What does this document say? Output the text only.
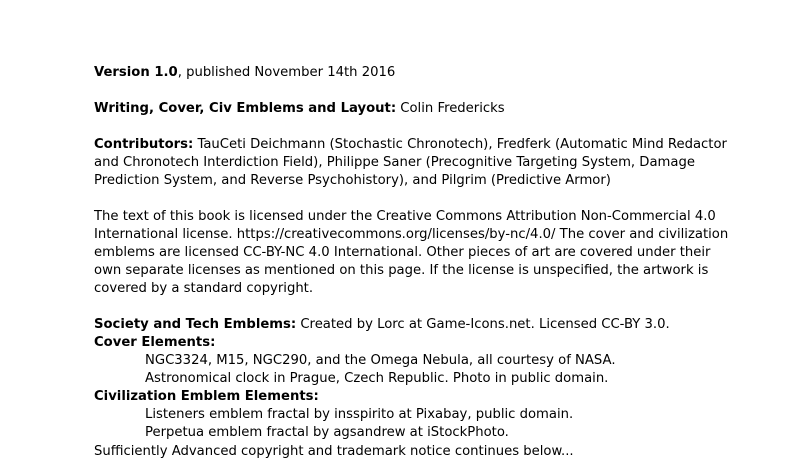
Version 1.0, published November 14th 2016

Writing, Cover, Civ Emblems and Layout: Colin Fredericks

Contributors: TauCeti Deichmann (Stochastic Chronotech), Fredferk (Automatic Mind Redactor
and Chronotech Interdiction Field), Philippe Saner (Precognitive Targeting System, Damage
Prediction System, and Reverse Psychohistory), and Pilgrim (Predictive Armor)

The text of this book is licensed under the Creative Commons Attribution Non-Commercial 4.0
International license. https://creativecommons.org/licenses/by-nc/4.0/ The cover and civilization
emblems are licensed CC-BY-NC 4.0 International. Other pieces of art are covered under their
own separate licenses as mentioned on this page. If the license is unspecified, the artwork is
covered by a standard copyright.

Society and Tech Emblems: Created by Lorc at Game-Icons.net. Licensed CC-BY 3.0.
Cover Elements:
NGC3324, M15, NGC290, and the Omega Nebula, all courtesy of NASA.
Astronomical clock in Prague, Czech Republic. Photo in public domain.
Civilization Emblem Elements:
Listeners emblem fractal by insspirito at Pixabay, public domain.
Perpetua emblem fractal by agsandrew at iStockPhoto.
Sufficiently Advanced copyright and trademark notice continues below...
